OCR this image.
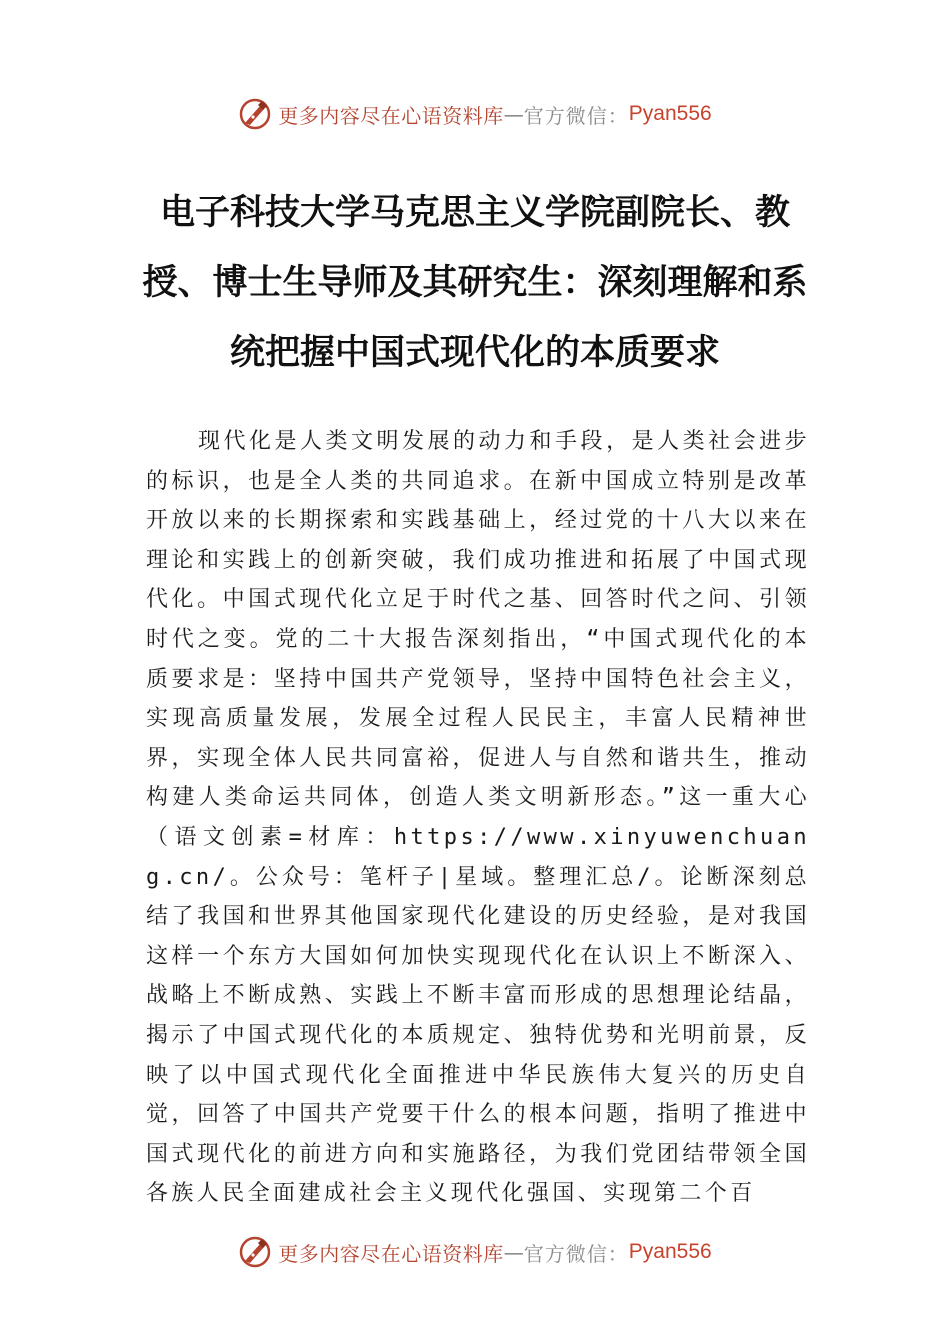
更多内容尽在心语资料库 — 官方微信： Pyan556
电子科技大学马克思主义学院副院长、教授、博士生导师及其研究生：深刻理解和系统把握中国式现代化的本质要求

现代化是人类文明发展的动力和手段，是人类社会进步的标识，也是全人类的共同追求。在新中国成立特别是改革开放以来的长期探索和实践基础上，经过党的十八大以来在理论和实践上的创新突破，我们成功推进和拓展了中国式现代化。中国式现代化立足于时代之基、回答时代之问、引领时代之变。党的二十大报告深刻指出，“中国式现代化的本质要求是：坚持中国共产党领导，坚持中国特色社会主义，实现高质量发展，发展全过程人民民主，丰富人民精神世界，实现全体人民共同富裕，促进人与自然和谐共生，推动构建人类命运共同体，创造人类文明新形态。”这一重大心（语文创素=材库：https://www.xinyuwenchuang.cn/。公众号：笔杆子|星域。整理汇总/。论断深刻总结了我国和世界其他国家现代化建设的历史经验，是对我国这样一个东方大国如何加快实现现代化在认识上不断深入、战略上不断成熟、实践上不断丰富而形成的思想理论结晶，揭示了中国式现代化的本质规定、独特优势和光明前景，反映了以中国式现代化全面推进中华民族伟大复兴的历史自觉，回答了中国共产党要干什么的根本问题，指明了推进中国式现代化的前进方向和实施路径，为我们党团结带领全国各族人民全面建成社会主义现代化强国、实现第二个百

更多内容尽在心语资料库 — 官方微信： Pyan556
